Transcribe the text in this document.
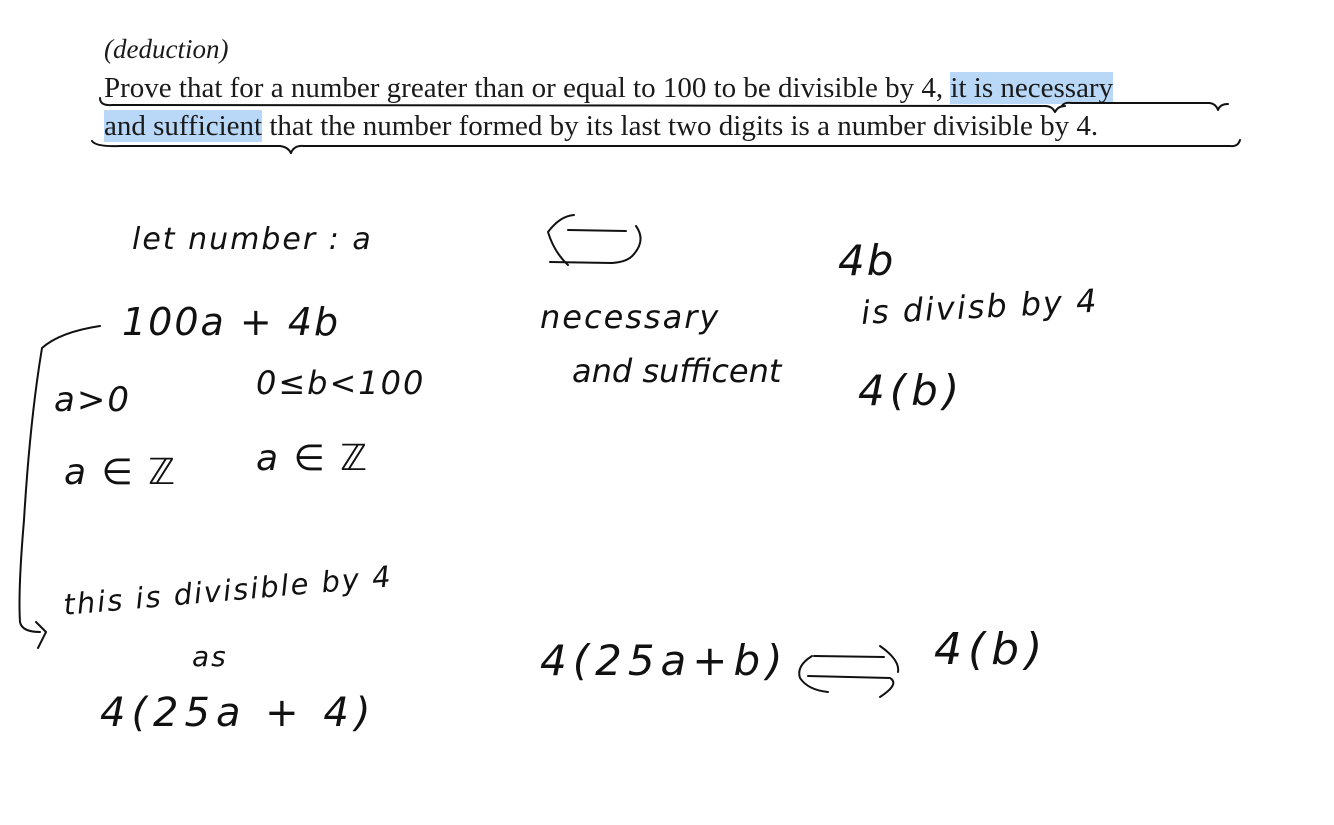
(deduction)
Prove that for a number greater than or equal to 100 to be divisible by 4, it is necessary
and sufficient that the number formed by its last two digits is a number divisible by 4.
let number : a
100a + 4b
a>0	0≤b<100
a ∈ ℤ a ∈ ℤ
this is divisible by 4
as
4(25a + 4)
necessary
and sufficent
4b
is divisb by 4
4(b)
4(25a+b)	4(b)
